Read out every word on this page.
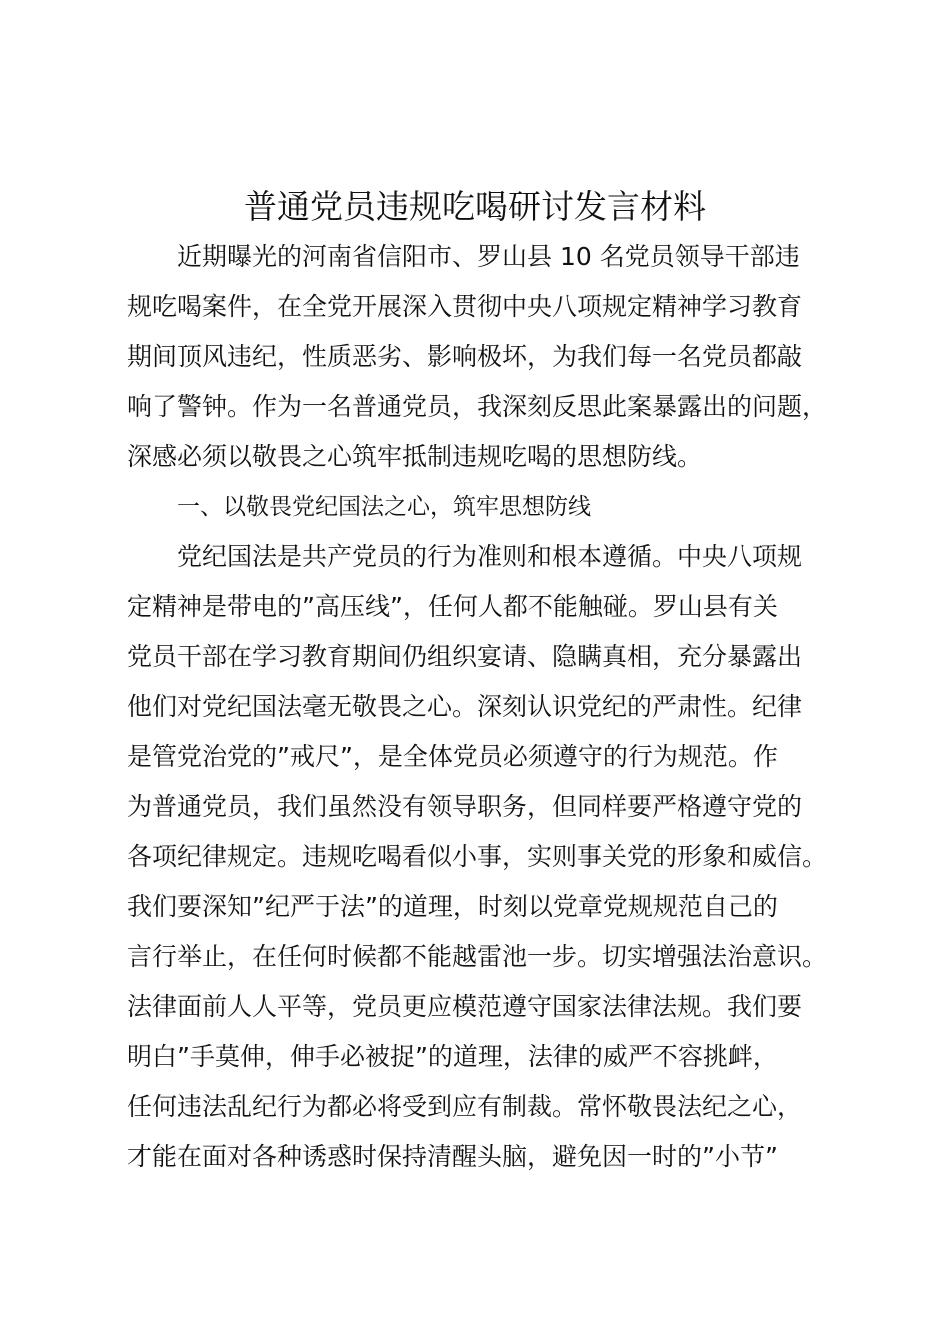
普通党员违规吃喝研讨发言材料
近期曝光的河南省信阳市、罗山县 10 名党员领导干部违
规吃喝案件，在全党开展深入贯彻中央八项规定精神学习教育
期间顶风违纪，性质恶劣、影响极坏，为我们每一名党员都敲
响了警钟。作为一名普通党员，我深刻反思此案暴露出的问题，
深感必须以敬畏之心筑牢抵制违规吃喝的思想防线。
一、以敬畏党纪国法之心，筑牢思想防线
党纪国法是共产党员的行为准则和根本遵循。中央八项规
定精神是带电的”高压线”，任何人都不能触碰。罗山县有关
党员干部在学习教育期间仍组织宴请、隐瞒真相，充分暴露出
他们对党纪国法毫无敬畏之心。深刻认识党纪的严肃性。纪律
是管党治党的”戒尺”，是全体党员必须遵守的行为规范。作
为普通党员，我们虽然没有领导职务，但同样要严格遵守党的
各项纪律规定。违规吃喝看似小事，实则事关党的形象和威信。
我们要深知”纪严于法”的道理，时刻以党章党规规范自己的
言行举止，在任何时候都不能越雷池一步。切实增强法治意识。
法律面前人人平等，党员更应模范遵守国家法律法规。我们要
明白”手莫伸，伸手必被捉”的道理，法律的威严不容挑衅，
任何违法乱纪行为都必将受到应有制裁。常怀敬畏法纪之心，
才能在面对各种诱惑时保持清醒头脑，避免因一时的”小节”
